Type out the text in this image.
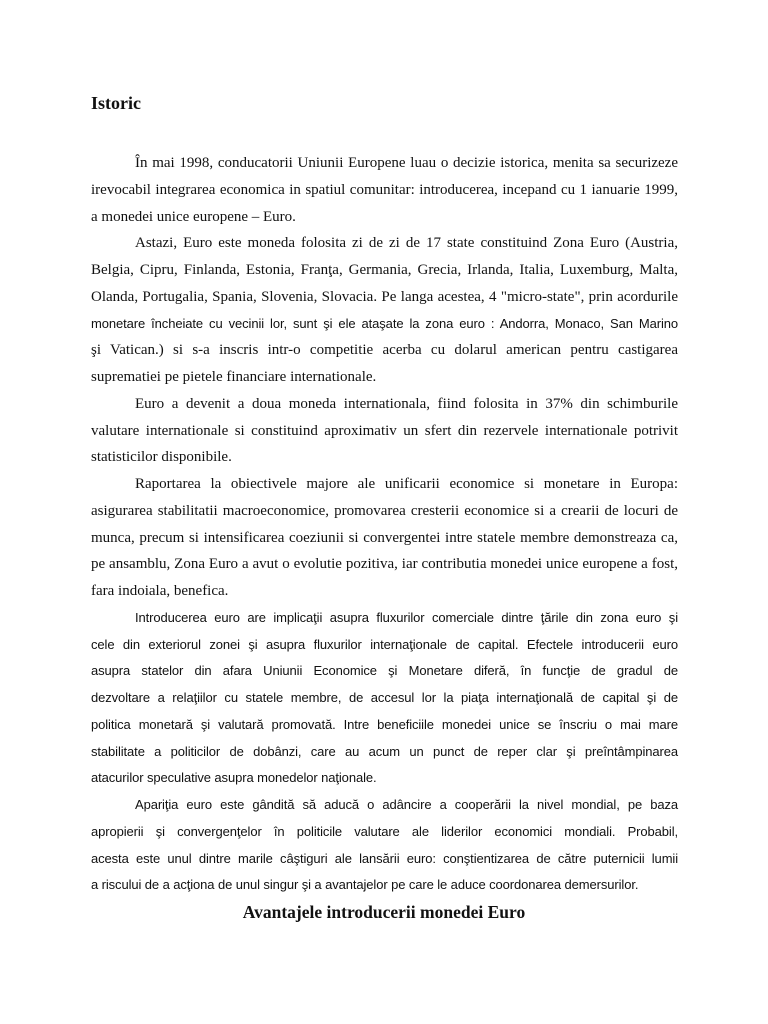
Istoric
În mai 1998, conducatorii Uniunii Europene luau o decizie istorica, menita sa securizeze
irevocabil integrarea economica in spatiul comunitar: introducerea, incepand cu 1 ianuarie 1999,
a monedei unice europene – Euro.
Astazi, Euro este moneda folosita zi de zi de 17 state constituind Zona Euro (Austria,
Belgia, Cipru, Finlanda, Estonia, Franţa, Germania, Grecia, Irlanda, Italia, Luxemburg, Malta,
Olanda, Portugalia, Spania, Slovenia, Slovacia. Pe langa acestea, 4 "micro-state", prin acordurile
monetare încheiate cu vecinii lor, sunt şi ele ataşate la zona euro : Andorra, Monaco, San Marino
şi Vatican.) si s-a inscris intr-o competitie acerba cu dolarul american pentru castigarea
suprematiei pe pietele financiare internationale.
Euro a devenit a doua moneda internationala, fiind folosita in 37% din schimburile
valutare internationale si constituind aproximativ un sfert din rezervele internationale potrivit
statisticilor disponibile.
Raportarea la obiectivele majore ale unificarii economice si monetare in Europa:
asigurarea stabilitatii macroeconomice, promovarea cresterii economice si a crearii de locuri de
munca, precum si intensificarea coeziunii si convergentei intre statele membre demonstreaza ca,
pe ansamblu, Zona Euro a avut o evolutie pozitiva, iar contributia monedei unice europene a fost,
fara indoiala, benefica.
Introducerea euro are implicaţii asupra fluxurilor comerciale dintre ţările din zona euro şi
cele din exteriorul zonei şi asupra fluxurilor internaţionale de capital. Efectele introducerii euro
asupra statelor din afara Uniunii Economice şi Monetare diferă, în funcţie de gradul de
dezvoltare a relaţiilor cu statele membre, de accesul lor la piaţa internaţională de capital şi de
politica monetară şi valutară promovată. Intre beneficiile monedei unice se înscriu o mai mare
stabilitate a politicilor de dobânzi, care au acum un punct de reper clar şi preîntâmpinarea
atacurilor speculative asupra monedelor naţionale.
Apariţia euro este gândită să aducă o adâncire a cooperării la nivel mondial, pe baza
apropierii şi convergenţelor în politicile valutare ale liderilor economici mondiali. Probabil,
acesta este unul dintre marile câştiguri ale lansării euro: conştientizarea de către puternicii lumii
a riscului de a acţiona de unul singur şi a avantajelor pe care le aduce coordonarea demersurilor.
Avantajele introducerii monedei Euro
